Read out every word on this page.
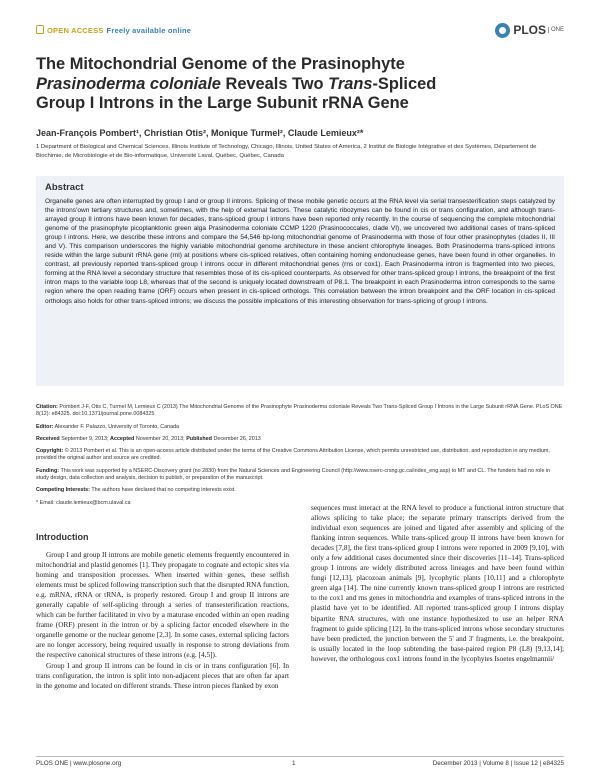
OPEN ACCESS Freely available online	PLOS ONE
The Mitochondrial Genome of the Prasinophyte
Prasinoderma coloniale Reveals Two Trans-Spliced
Group I Introns in the Large Subunit rRNA Gene
Jean-François Pombert¹, Christian Otis², Monique Turmel², Claude Lemieux²*
1 Department of Biological and Chemical Sciences, Illinois Institute of Technology, Chicago, Illinois, United States of America, 2 Institut de Biologie Intégrative et des Systèmes, Département de Biochimie, de Microbiologie et de Bio-informatique, Université Laval, Québec, Québec, Canada
Abstract

Organelle genes are often interrupted by group I and or group II introns. Splicing of these mobile genetic occurs at the RNA level via serial transesterification steps catalyzed by the introns'own tertiary structures and, sometimes, with the help of external factors. These catalytic ribozymes can be found in cis or trans configuration, and although trans-arrayed group II introns have been known for decades, trans-spliced group I introns have been reported only recently. In the course of sequencing the complete mitochondrial genome of the prasinophyte picoplanktonic green alga Prasinoderma coloniale CCMP 1220 (Prasinococcales, clade VI), we uncovered two additional cases of trans-spliced group I introns. Here, we describe these introns and compare the 54,546 bp-long mitochondrial genome of Prasinoderma with those of four other prasinophytes (clades II, III and V). This comparison underscores the highly variable mitochondrial genome architecture in these ancient chlorophyte lineages. Both Prasinoderma trans-spliced introns reside within the large subunit rRNA gene (rnl) at positions where cis-spliced relatives, often containing homing endonuclease genes, have been found in other organelles. In contrast, all previously reported trans-spliced group I introns occur in different mitochondrial genes (rns or cox1). Each Prasinoderma intron is fragmented into two pieces, forming at the RNA level a secondary structure that resembles those of its cis-spliced counterparts. As observed for other trans-spliced group I introns, the breakpoint of the first intron maps to the variable loop L8, whereas that of the second is uniquely located downstream of P8.1. The breakpoint in each Prasinoderma intron corresponds to the same region where the open reading frame (ORF) occurs when present in cis-spliced orthologs. This correlation between the intron breakpoint and the ORF location in cis-spliced orthologs also holds for other trans-spliced introns; we discuss the possible implications of this interesting observation for trans-splicing of group I introns.

Citation: Pombert J-F, Otis C, Turmel M, Lemieux C (2013) The Mitochondrial Genome of the Prasinophyte Prasinoderma coloniale Reveals Two Trans-Spliced Group I Introns in the Large Subunit rRNA Gene. PLoS ONE 8(12): e84325. doi:10.1371/journal.pone.0084325

Editor: Alexander F. Palazzo, University of Toronto, Canada

Received September 9, 2013; Accepted November 20, 2013; Published December 26, 2013

Copyright: © 2013 Pombert et al. This is an open-access article distributed under the terms of the Creative Commons Attribution License, which permits unrestricted use, distribution, and reproduction in any medium, provided the original author and source are credited.

Funding: This work was supported by a NSERC-Discovery grant (no 2830) from the Natural Sciences and Engineering Council (http://www.nserc-crsng.gc.ca/index_eng.asp) to MT and CL. The funders had no role in study design, data collection and analysis, decision to publish, or preparation of the manuscript.

Competing Interests: The authors have declared that no competing interests exist.

* Email: claude.lemieux@bcm.ulaval.ca

Introduction

Group I and group II introns are mobile genetic elements frequently encountered in mitochondrial and plastid genomes [1]. They propagate to cognate and ectopic sites via homing and transposition processes. When inserted within genes, these selfish elements must be spliced following transcription such that the disrupted RNA function, e.g. mRNA, rRNA or tRNA, is properly restored. Group I and group II introns are generally capable of self-splicing through a series of transesterification reactions, which can be further facilitated in vivo by a maturase encoded within an open reading frame (ORF) present in the intron or by a splicing factor encoded elsewhere in the organelle genome or the nuclear genome [2,3]. In some cases, external splicing factors are no longer accessory, being required usually in response to strong deviations from the respective canonical structures of these introns (e.g. [4,5]).

Group I and group II introns can be found in cis or in trans configuration [6]. In trans configuration, the intron is split into non-adjacent pieces that are often far apart in the genome and located on different strands. These intron pieces flanked by exon

sequences must interact at the RNA level to produce a functional intron structure that allows splicing to take place; the separate primary transcripts derived from the individual exon sequences are joined and ligated after assembly and splicing of the flanking intron sequences. While trans-spliced group II introns have been known for decades [7,8], the first trans-spliced group I introns were reported in 2009 [9,10], with only a few additional cases documented since their discoveries [11–14]. Trans-spliced group I introns are widely distributed across lineages and have been found within fungi [12,13], placozoan animals [9], lycophytic plants [10,11] and a chlorophyte green alga [14]. The nine currently known trans-spliced group I introns are restricted to the cox1 and rns genes in mitochondria and examples of trans-spliced introns in the plastid have yet to be identified. All reported trans-spliced group I introns display bipartite RNA structures, with one instance hypothesized to use an helper RNA fragment to guide splicing [12]. In the trans-spliced introns whose secondary structures have been predicted, the junction between the 5' and 3' fragments, i.e. the breakpoint, is usually located in the loop subtending the base-paired region P8 (L8) [9,13,14]; however, the orthologous cox1 introns found in the lycophytes Isoetes engelmannii/

PLOS ONE | www.plosone.org	1	December 2013 | Volume 8 | Issue 12 | e84325
